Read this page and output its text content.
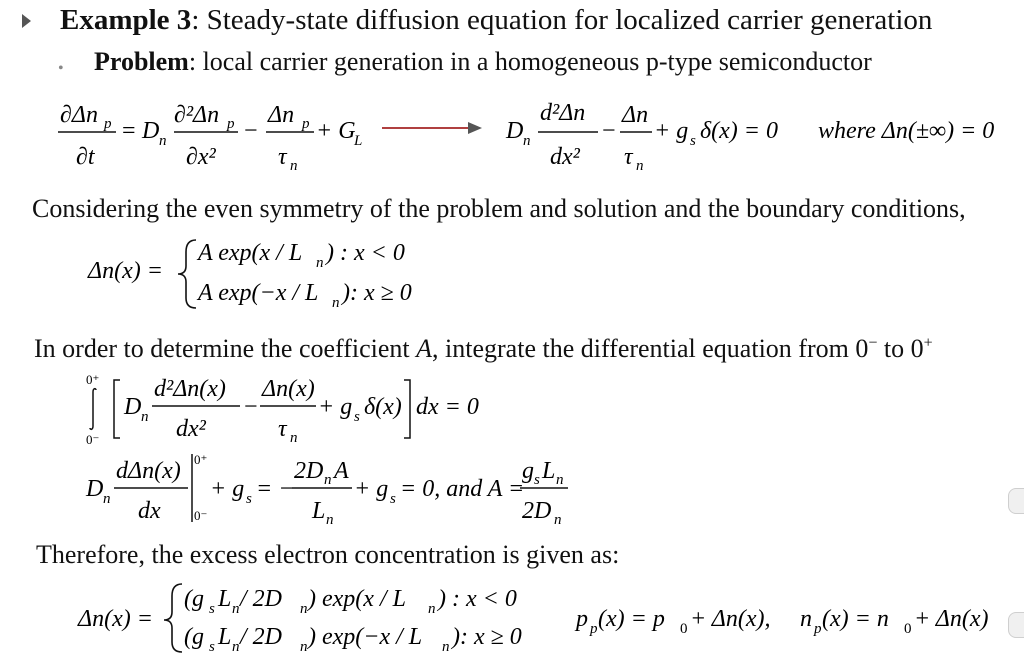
Example 3: Steady-state diffusion equation for localized carrier generation
• Problem: local carrier generation in a homogeneous p-type semiconductor
∂Δn p
∂t
= D n
∂²Δn p
∂x²
−
Δn p
τ n
+ G
L	D n
d²Δn
dx²
−
Δn
τ n
+ g s δ(x) = 0 where Δn(±∞) = 0
Considering the even symmetry of the problem and solution and the boundary conditions,
Δn(x) =
A exp(x / L n ) : x < 0
A exp(−x / L n ): x ≥ 0
In order to determine the coefficient A, integrate the differential equation from 0− to 0+
0⁺
0⁻
D n
d²Δn(x)
dx²
−
Δn(x)
τ n
+ g s δ(x) dx = 0
D n
dΔn(x)
dx
0⁺
0⁻
+ g s = −
2D n A
L n
+ g s = 0, and A =
g s L n
2D n
Therefore, the excess electron concentration is given as:
Δn(x) =
(g s L n / 2D n ) exp(x / L n ) : x < 0
(g s L n / 2D n ) exp(−x / L n ): x ≥ 0
p p (x) = p 0 + Δn(x), n p (x) = n 0 + Δn(x)
